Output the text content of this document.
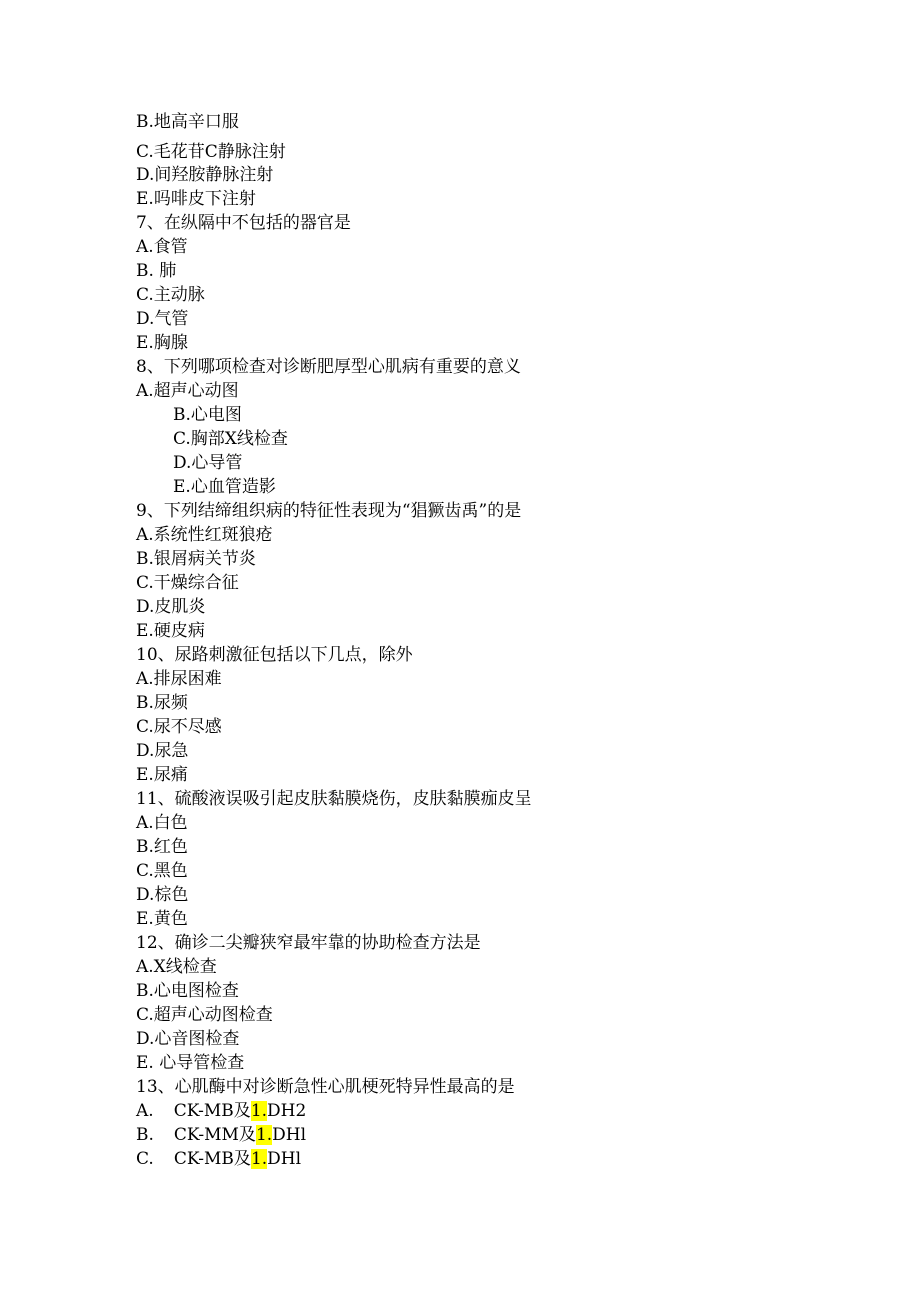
B.地高辛口服
C.毛花苷C静脉注射
D.间羟胺静脉注射
E.吗啡皮下注射
7、在纵隔中不包括的器官是
A.食管
B. 肺
C.主动脉
D.气管
E.胸腺
8、下列哪项检查对诊断肥厚型心肌病有重要的意义
A.超声心动图
B.心电图
C.胸部X线检查
D.心导管
E.心血管造影
9、下列结缔组织病的特征性表现为“猖獗齿禹”的是
A.系统性红斑狼疮
B.银屑病关节炎
C.干燥综合征
D.皮肌炎
E.硬皮病
10、尿路刺激征包括以下几点，除外
A.排尿困难
B.尿频
C.尿不尽感
D.尿急
E.尿痛
11、硫酸液误吸引起皮肤黏膜烧伤，皮肤黏膜痂皮呈
A.白色
B.红色
C.黑色
D.棕色
E.黄色
12、确诊二尖瓣狭窄最牢靠的协助检查方法是
A.X线检查
B.心电图检查
C.超声心动图检查
D.心音图检查
E. 心导管检查
13、心肌酶中对诊断急性心肌梗死特异性最高的是
A. CK-MB及1.DH2
B. CK-MM及1.DHl
C. CK-MB及1.DHl
